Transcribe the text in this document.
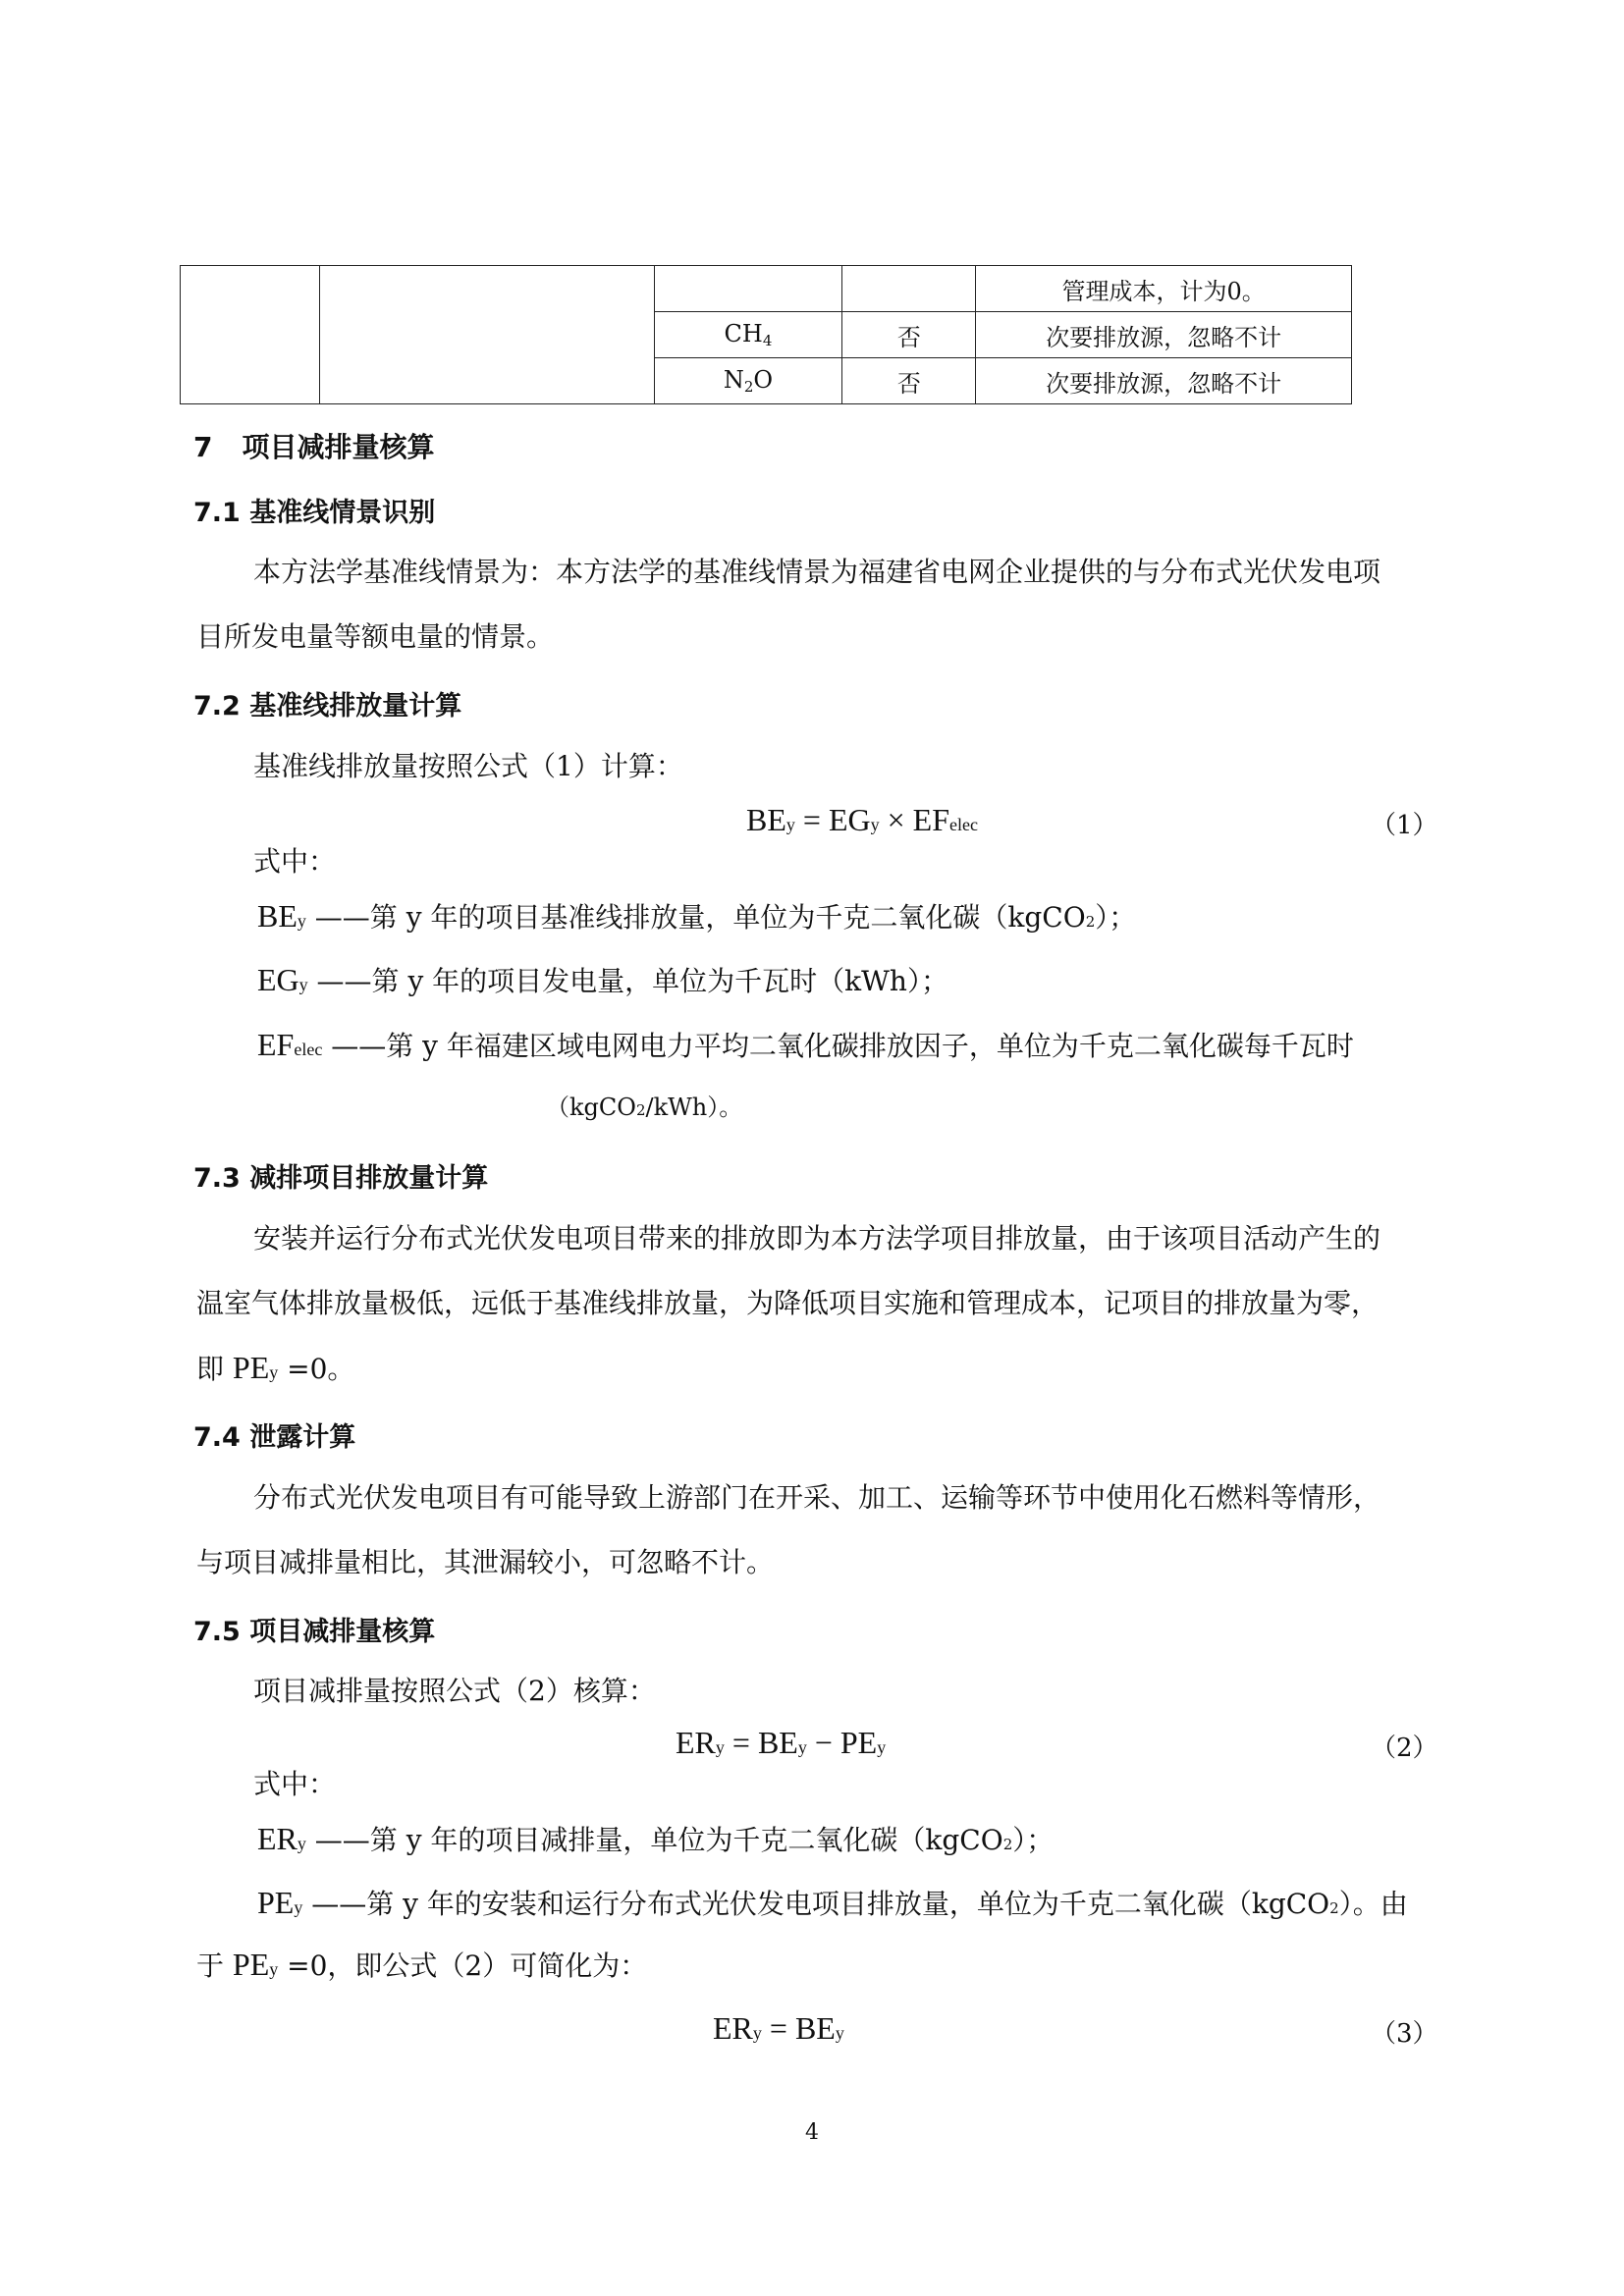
				管理成本，计为0。
		$CH_4$	否	次要排放源，忽略不计
		$N_2O$	否	次要排放源，忽略不计
7 项目减排量核算
7.1 基准线情景识别
本方法学基准线情景为：本方法学的基准线情景为福建省电网企业提供的与分布式光伏发电项
目所发电量等额电量的情景。
7.2 基准线排放量计算
基准线排放量按照公式（1）计算：
BEy = EGy × EFelec	（1）
式中：
BEy ——第 y 年的项目基准线排放量，单位为千克二氧化碳（kgCO2）；
EGy ——第 y 年的项目发电量，单位为千瓦时（kWh）；
EFelec ——第 y 年福建区域电网电力平均二氧化碳排放因子，单位为千克二氧化碳每千瓦时
（kgCO2/kWh）。
7.3 减排项目排放量计算
安装并运行分布式光伏发电项目带来的排放即为本方法学项目排放量，由于该项目活动产生的
温室气体排放量极低，远低于基准线排放量，为降低项目实施和管理成本，记项目的排放量为零，
即 PEy =0。
7.4 泄露计算
分布式光伏发电项目有可能导致上游部门在开采、加工、运输等环节中使用化石燃料等情形，
与项目减排量相比，其泄漏较小，可忽略不计。
7.5 项目减排量核算
项目减排量按照公式（2）核算：
ERy = BEy − PEy	（2）
式中：
ERy ——第 y 年的项目减排量，单位为千克二氧化碳（kgCO2）；
PEy ——第 y 年的安装和运行分布式光伏发电项目排放量，单位为千克二氧化碳（kgCO2）。由
于 PEy =0，即公式（2）可简化为：
ERy = BEy	（3）
4
